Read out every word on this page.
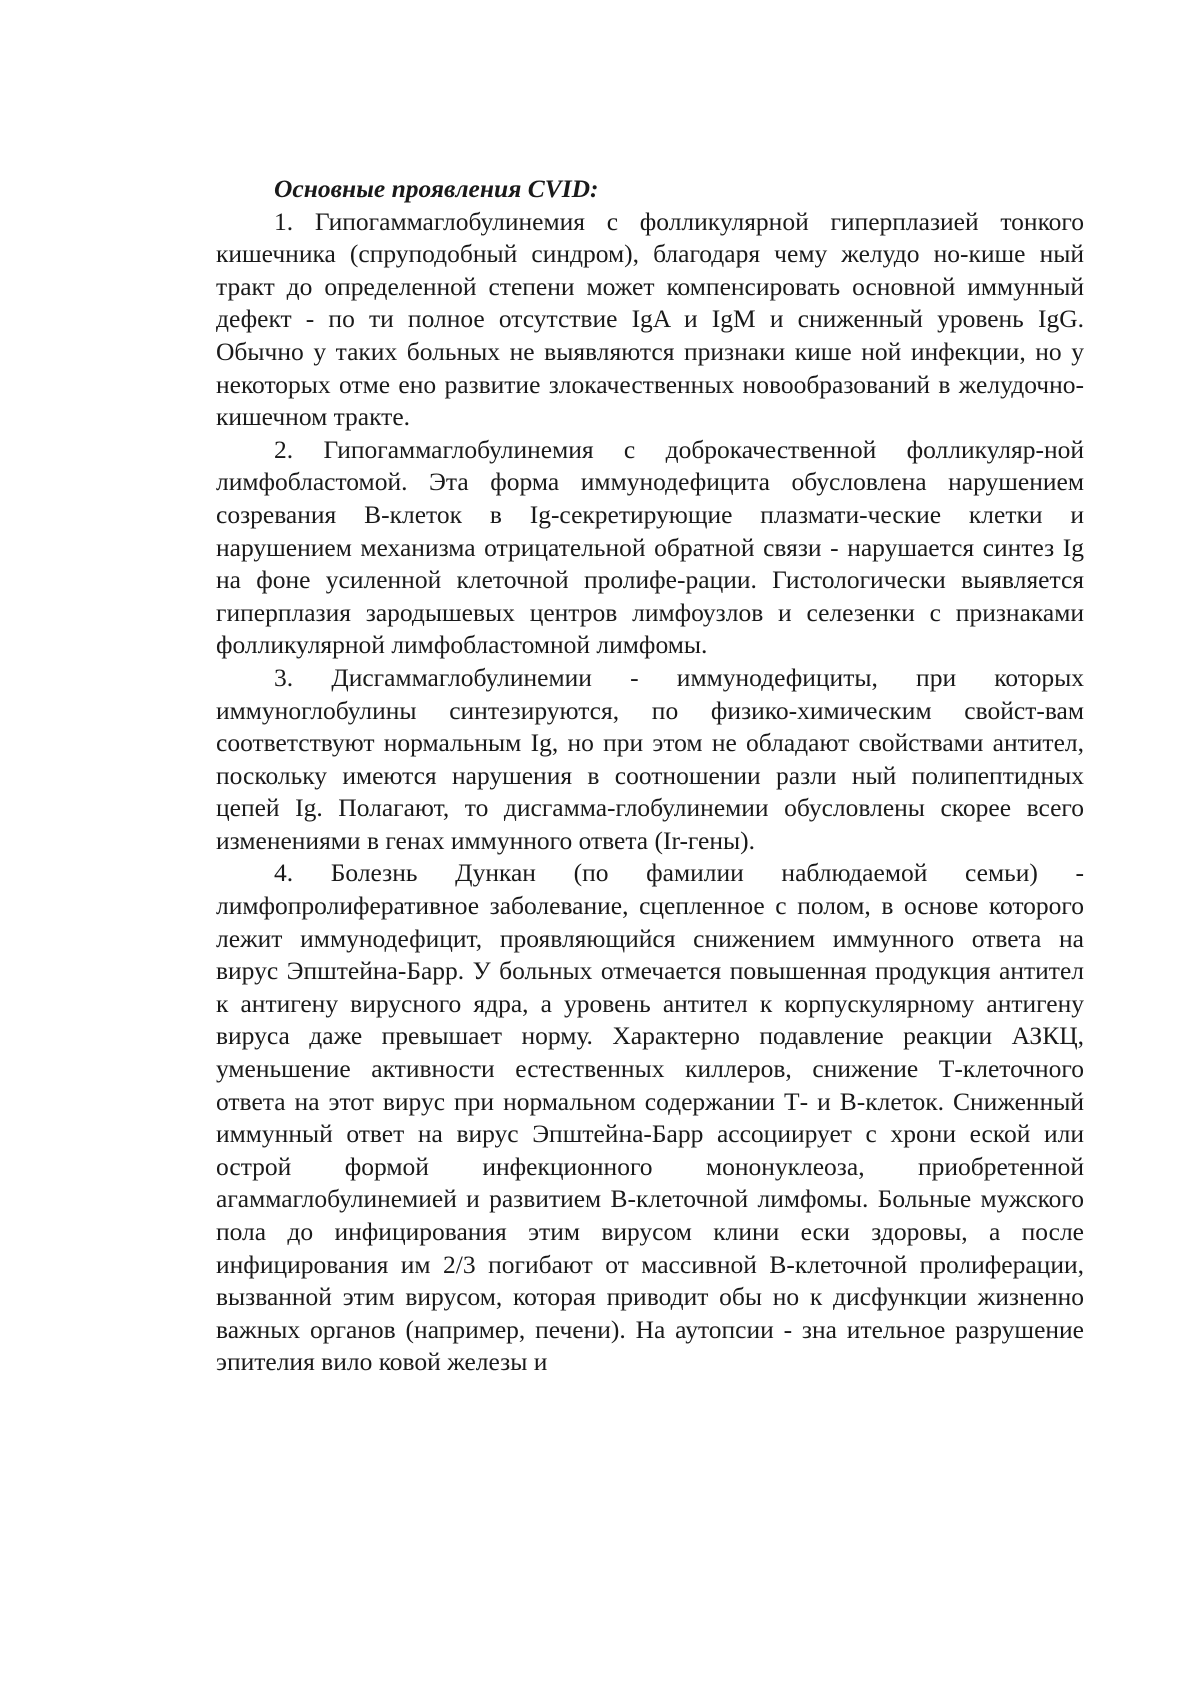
Основные проявления CVID:

1. Гипогаммаглобулинемия с фолликулярной гиперплазией тонкого кишечника (спруподобный синдром), благодаря чему желудо но-кише ный тракт до определенной степени может компенсировать основной иммунный дефект - по ти полное отсутствие IgA и IgM и сниженный уровень IgG. Обычно у таких больных не выявляются признаки кише ной инфекции, но у некоторых отме ено развитие злокачественных новообразований в желудочно-кишечном тракте.

2. Гипогаммаглобулинемия с доброкачественной фолликуляр-ной лимфобластомой. Эта форма иммунодефицита обусловлена нарушением созревания В-клеток в Ig-секретирующие плазмати-ческие клетки и нарушением механизма отрицательной обратной связи - нарушается синтез Ig на фоне усиленной клеточной пролифе-рации. Гистологически выявляется гиперплазия зародышевых центров лимфоузлов и селезенки с признаками фолликулярной лимфобластомной лимфомы.

3. Дисгаммаглобулинемии - иммунодефициты, при которых иммуноглобулины синтезируются, по физико-химическим свойст-вам соответствуют нормальным Ig, но при этом не обладают свойствами антител, поскольку имеются нарушения в соотношении разли ный полипептидных цепей Ig. Полагают, то дисгамма-глобулинемии обусловлены скорее всего изменениями в генах иммунного ответа (Ir-гены).

4. Болезнь Дункан (по фамилии наблюдаемой семьи) - лимфопролиферативное заболевание, сцепленное с полом, в основе которого лежит иммунодефицит, проявляющийся снижением иммунного ответа на вирус Эпштейна-Барр. У больных отмечается повышенная продукция антител к антигену вирусного ядра, а уровень антител к корпускулярному антигену вируса даже превышает норму. Характерно подавление реакции АЗКЦ, уменьшение активности естественных киллеров, снижение Т-клеточного ответа на этот вирус при нормальном содержании Т- и В-клеток. Сниженный иммунный ответ на вирус Эпштейна-Барр ассоциирует с хрони еской или острой формой инфекционного мононуклеоза, приобретенной агаммаглобулинемией и развитием В-клеточной лимфомы. Больные мужского пола до инфицирования этим вирусом клини ески здоровы, а после инфицирования им 2/3 погибают от массивной В-клеточной пролиферации, вызванной этим вирусом, которая приводит обы но к дисфункции жизненно важных органов (например, печени). На аутопсии - зна ительное разрушение эпителия вило ковой железы и
